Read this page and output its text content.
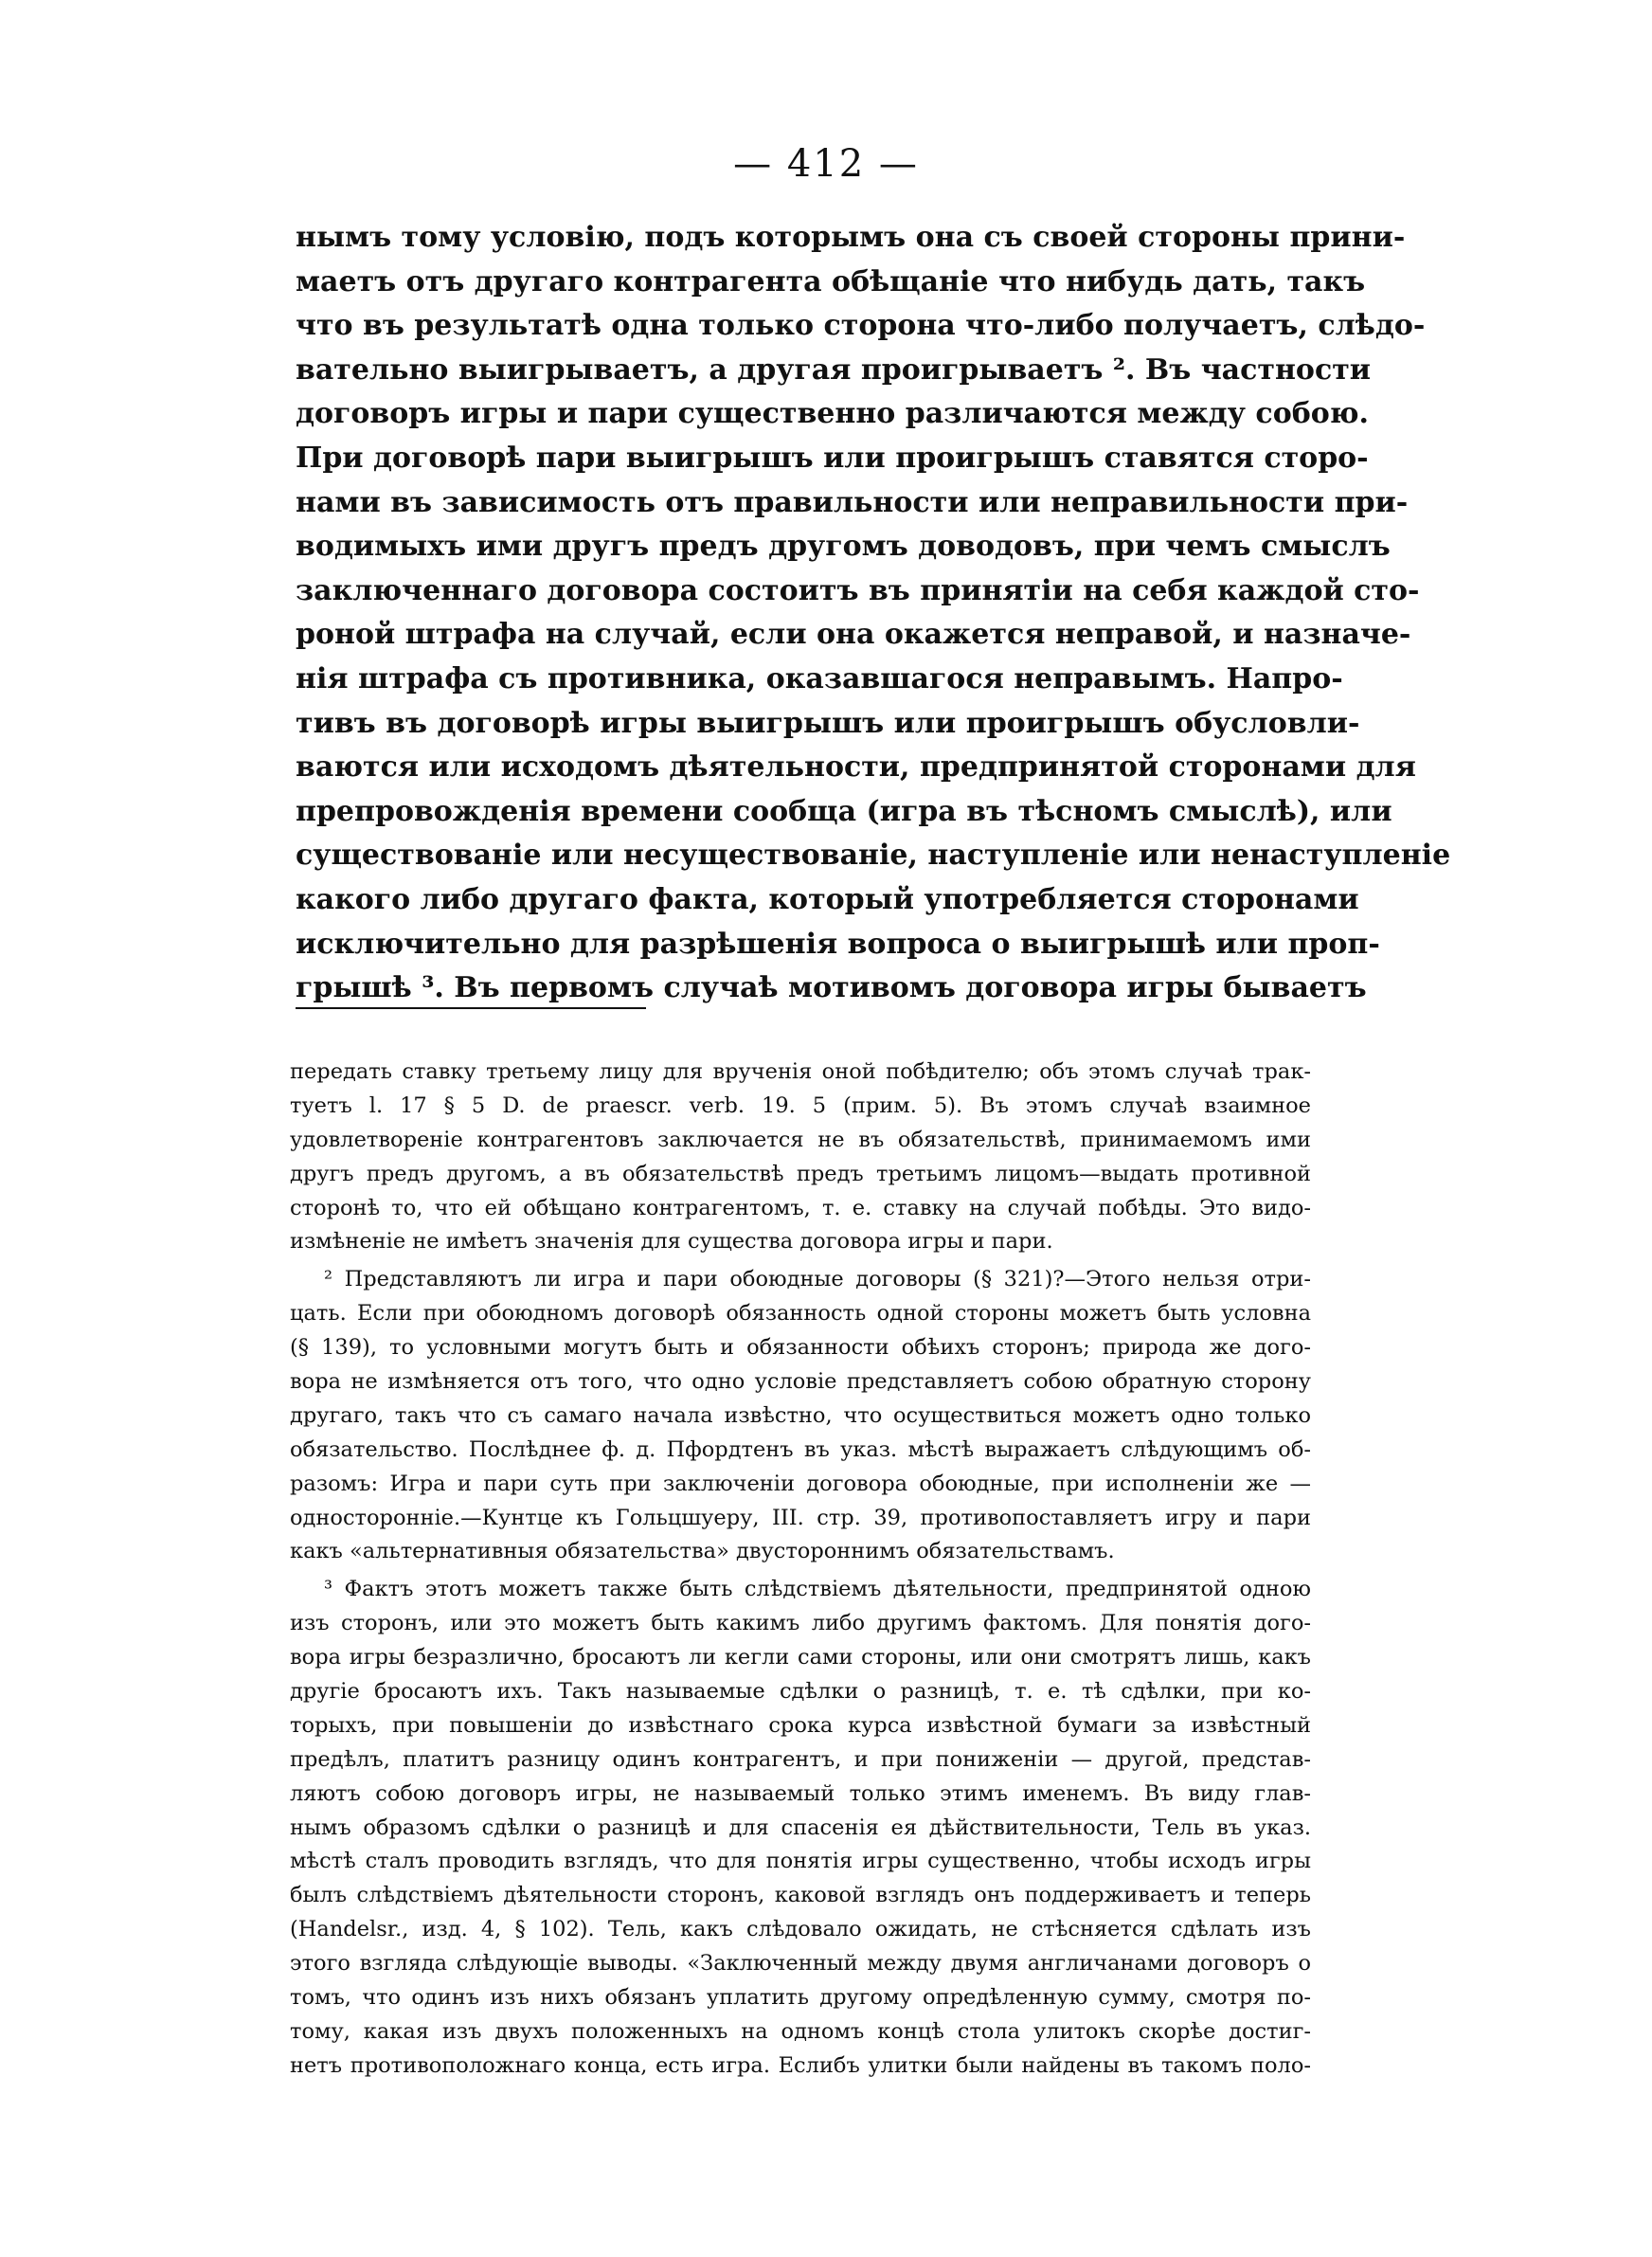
— 412 —
нымъ тому условію, подъ которымъ она съ своей стороны прини-
маетъ отъ другаго контрагента обѣщаніе что нибудь дать, такъ
что въ результатѣ одна только сторона что-либо получаетъ, слѣдо-
вательно выигрываетъ, а другая проигрываетъ ². Въ частности
договоръ игры и пари существенно различаются между собою.
При договорѣ пари выигрышъ или проигрышъ ставятся сторо-
нами въ зависимость отъ правильности или неправильности при-
водимыхъ ими другъ предъ другомъ доводовъ, при чемъ смыслъ
заключеннаго договора состоитъ въ принятіи на себя каждой сто-
роной штрафа на случай, если она окажется неправой, и назначе-
нія штрафа съ противника, оказавшагося неправымъ. Напро-
тивъ въ договорѣ игры выигрышъ или проигрышъ обусловли-
ваются или исходомъ дѣятельности, предпринятой сторонами для
препровожденія времени сообща (игра въ тѣсномъ смыслѣ), или
существованіе или несуществованіе, наступленіе или ненаступленіе
какого либо другаго факта, который употребляется сторонами
исключительно для разрѣшенія вопроса о выигрышѣ или проп-
грышѣ ³. Въ первомъ случаѣ мотивомъ договора игры бываетъ
передать ставку третьему лицу для врученія оной побѣдителю; объ этомъ случаѣ трак-
туетъ l. 17 § 5 D. de praescr. verb. 19. 5 (прим. 5). Въ этомъ случаѣ взаимное
удовлетвореніе контрагентовъ заключается не въ обязательствѣ, принимаемомъ ими
другъ предъ другомъ, а въ обязательствѣ предъ третьимъ лицомъ—выдать противной
сторонѣ то, что ей обѣщано контрагентомъ, т. е. ставку на случай побѣды. Это видо-
измѣненіе не имѣетъ значенія для существа договора игры и пари.
² Представляютъ ли игра и пари обоюдные договоры (§ 321)?—Этого нельзя отри-
цать. Если при обоюдномъ договорѣ обязанность одной стороны можетъ быть условна
(§ 139), то условными могутъ быть и обязанности обѣихъ сторонъ; природа же дого-
вора не измѣняется отъ того, что одно условіе представляетъ собою обратную сторону
другаго, такъ что съ самаго начала извѣстно, что осуществиться можетъ одно только
обязательство. Послѣднее ф. д. Пфордтенъ въ указ. мѣстѣ выражаетъ слѣдующимъ об-
разомъ: Игра и пари суть при заключеніи договора обоюдные, при исполненіи же —
односторонніе.—Кунтце къ Гольцшуеру, III. стр. 39, противопоставляетъ игру и пари
какъ «альтернативныя обязательства» двустороннимъ обязательствамъ.
³ Фактъ этотъ можетъ также быть слѣдствіемъ дѣятельности, предпринятой одною
изъ сторонъ, или это можетъ быть какимъ либо другимъ фактомъ. Для понятія дого-
вора игры безразлично, бросаютъ ли кегли сами стороны, или они смотрятъ лишь, какъ
другіе бросаютъ ихъ. Такъ называемые сдѣлки о разницѣ, т. е. тѣ сдѣлки, при ко-
торыхъ, при повышеніи до извѣстнаго срока курса извѣстной бумаги за извѣстный
предѣлъ, платитъ разницу одинъ контрагентъ, и при пониженіи — другой, представ-
ляютъ собою договоръ игры, не называемый только этимъ именемъ. Въ виду глав-
нымъ образомъ сдѣлки о разницѣ и для спасенія ея дѣйствительности, Тель въ указ.
мѣстѣ сталъ проводить взглядъ, что для понятія игры существенно, чтобы исходъ игры
былъ слѣдствіемъ дѣятельности сторонъ, каковой взглядъ онъ поддерживаетъ и теперь
(Handelsr., изд. 4, § 102). Тель, какъ слѣдовало ожидать, не стѣсняется сдѣлать изъ
этого взгляда слѣдующіе выводы. «Заключенный между двумя англичанами договоръ о
томъ, что одинъ изъ нихъ обязанъ уплатить другому опредѣленную сумму, смотря по-
тому, какая изъ двухъ положенныхъ на одномъ концѣ стола улитокъ скорѣе достиг-
нетъ противоположнаго конца, есть игра. Еслибъ улитки были найдены въ такомъ поло-
